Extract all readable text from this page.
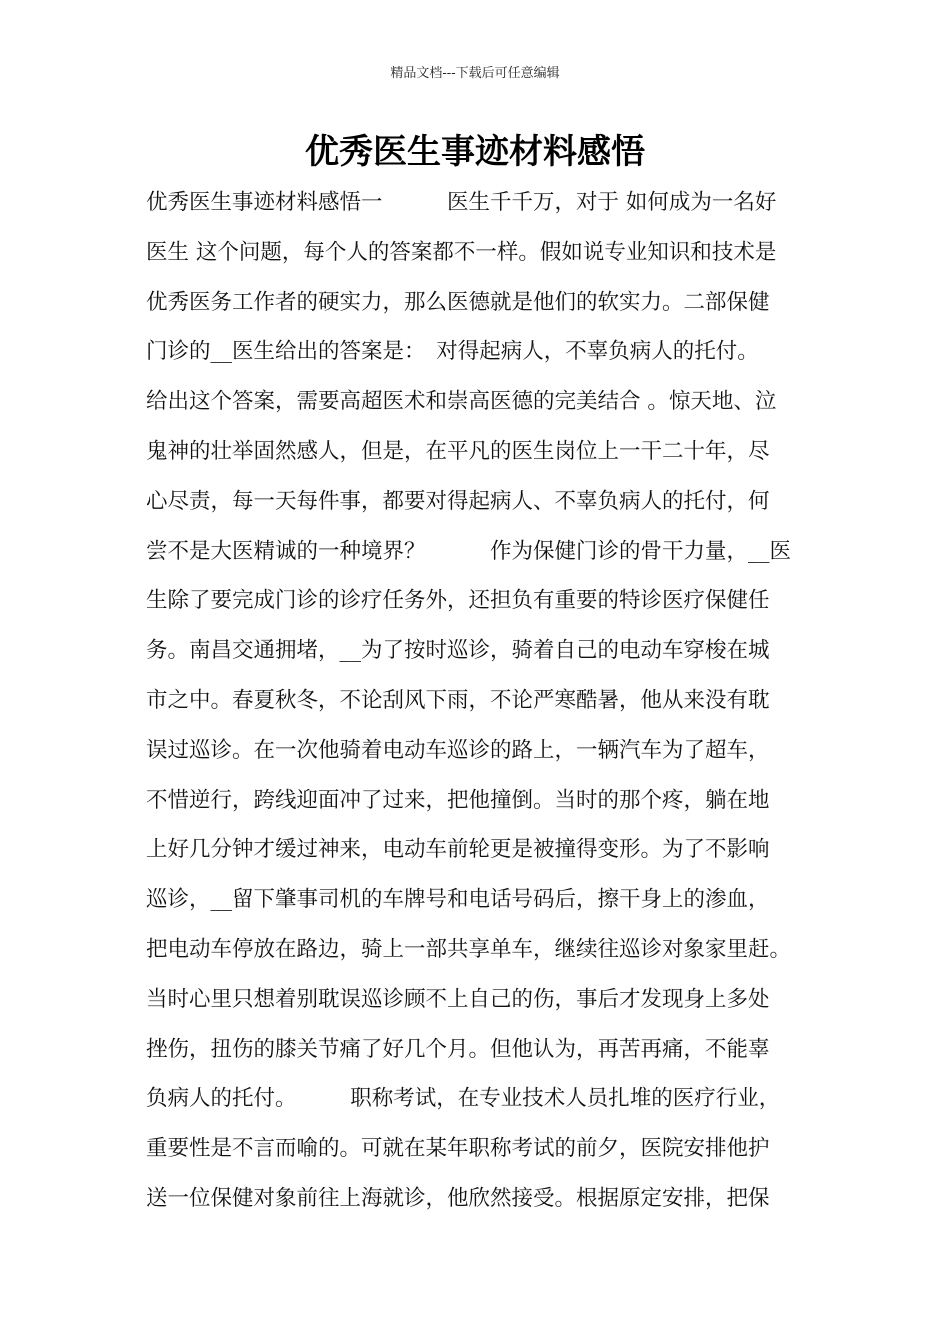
精品文档---下载后可任意编辑
优秀医生事迹材料感悟
优秀医生事迹材料感悟一　　　医生千千万，对于 如何成为一名好
医生 这个问题，每个人的答案都不一样。假如说专业知识和技术是
优秀医务工作者的硬实力，那么医德就是他们的软实力。二部保健
门诊的__医生给出的答案是：　对得起病人，不辜负病人的托付。
给出这个答案，需要高超医术和崇高医德的完美结合 。惊天地、泣
鬼神的壮举固然感人，但是，在平凡的医生岗位上一干二十年，尽
心尽责，每一天每件事，都要对得起病人、不辜负病人的托付，何
尝不是大医精诚的一种境界？　　　作为保健门诊的骨干力量，__医
生除了要完成门诊的诊疗任务外，还担负有重要的特诊医疗保健任
务。南昌交通拥堵，__为了按时巡诊，骑着自己的电动车穿梭在城
市之中。春夏秋冬，不论刮风下雨，不论严寒酷暑，他从来没有耽
误过巡诊。在一次他骑着电动车巡诊的路上，一辆汽车为了超车，
不惜逆行，跨线迎面冲了过来，把他撞倒。当时的那个疼，躺在地
上好几分钟才缓过神来，电动车前轮更是被撞得变形。为了不影响
巡诊，__留下肇事司机的车牌号和电话号码后，擦干身上的渗血，
把电动车停放在路边，骑上一部共享单车，继续往巡诊对象家里赶。
当时心里只想着别耽误巡诊顾不上自己的伤，事后才发现身上多处
挫伤，扭伤的膝关节痛了好几个月。但他认为，再苦再痛，不能辜
负病人的托付。　　　职称考试，在专业技术人员扎堆的医疗行业，
重要性是不言而喻的。可就在某年职称考试的前夕，医院安排他护
送一位保健对象前往上海就诊，他欣然接受。根据原定安排，把保
